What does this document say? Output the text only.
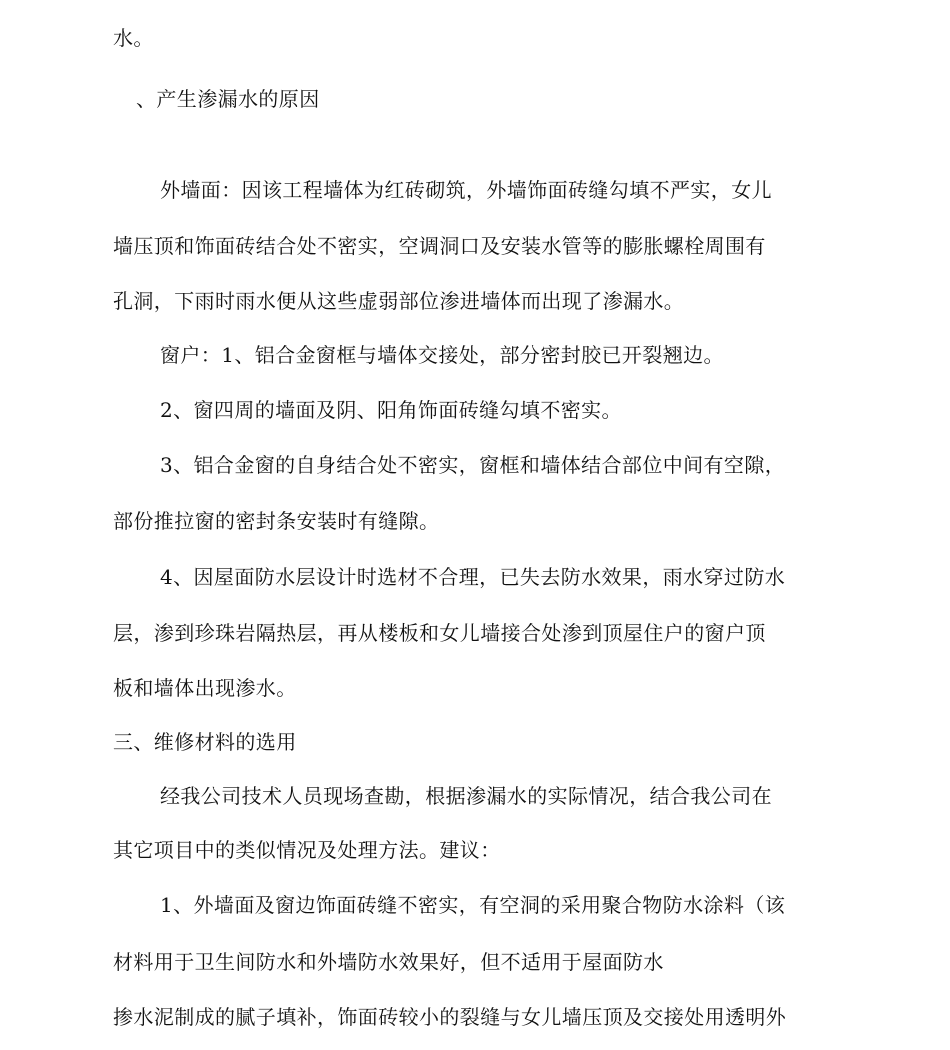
水。
、产生渗漏水的原因
外墙面：因该工程墙体为红砖砌筑，外墙饰面砖缝勾填不严实，女儿
墙压顶和饰面砖结合处不密实，空调洞口及安装水管等的膨胀螺栓周围有
孔洞，下雨时雨水便从这些虚弱部位渗进墙体而出现了渗漏水。
窗户：1、铝合金窗框与墙体交接处，部分密封胶已开裂翘边。
2、窗四周的墙面及阴、阳角饰面砖缝勾填不密实。
3、铝合金窗的自身结合处不密实，窗框和墙体结合部位中间有空隙，
部份推拉窗的密封条安装时有缝隙。
4、因屋面防水层设计时选材不合理，已失去防水效果，雨水穿过防水
层，渗到珍珠岩隔热层，再从楼板和女儿墙接合处渗到顶屋住户的窗户顶
板和墙体出现渗水。
三、维修材料的选用
经我公司技术人员现场查勘，根据渗漏水的实际情况，结合我公司在
其它项目中的类似情况及处理方法。建议：
1、外墙面及窗边饰面砖缝不密实，有空洞的采用聚合物防水涂料（该
材料用于卫生间防水和外墙防水效果好，但不适用于屋面防水
掺水泥制成的腻子填补，饰面砖较小的裂缝与女儿墙压顶及交接处用透明外
